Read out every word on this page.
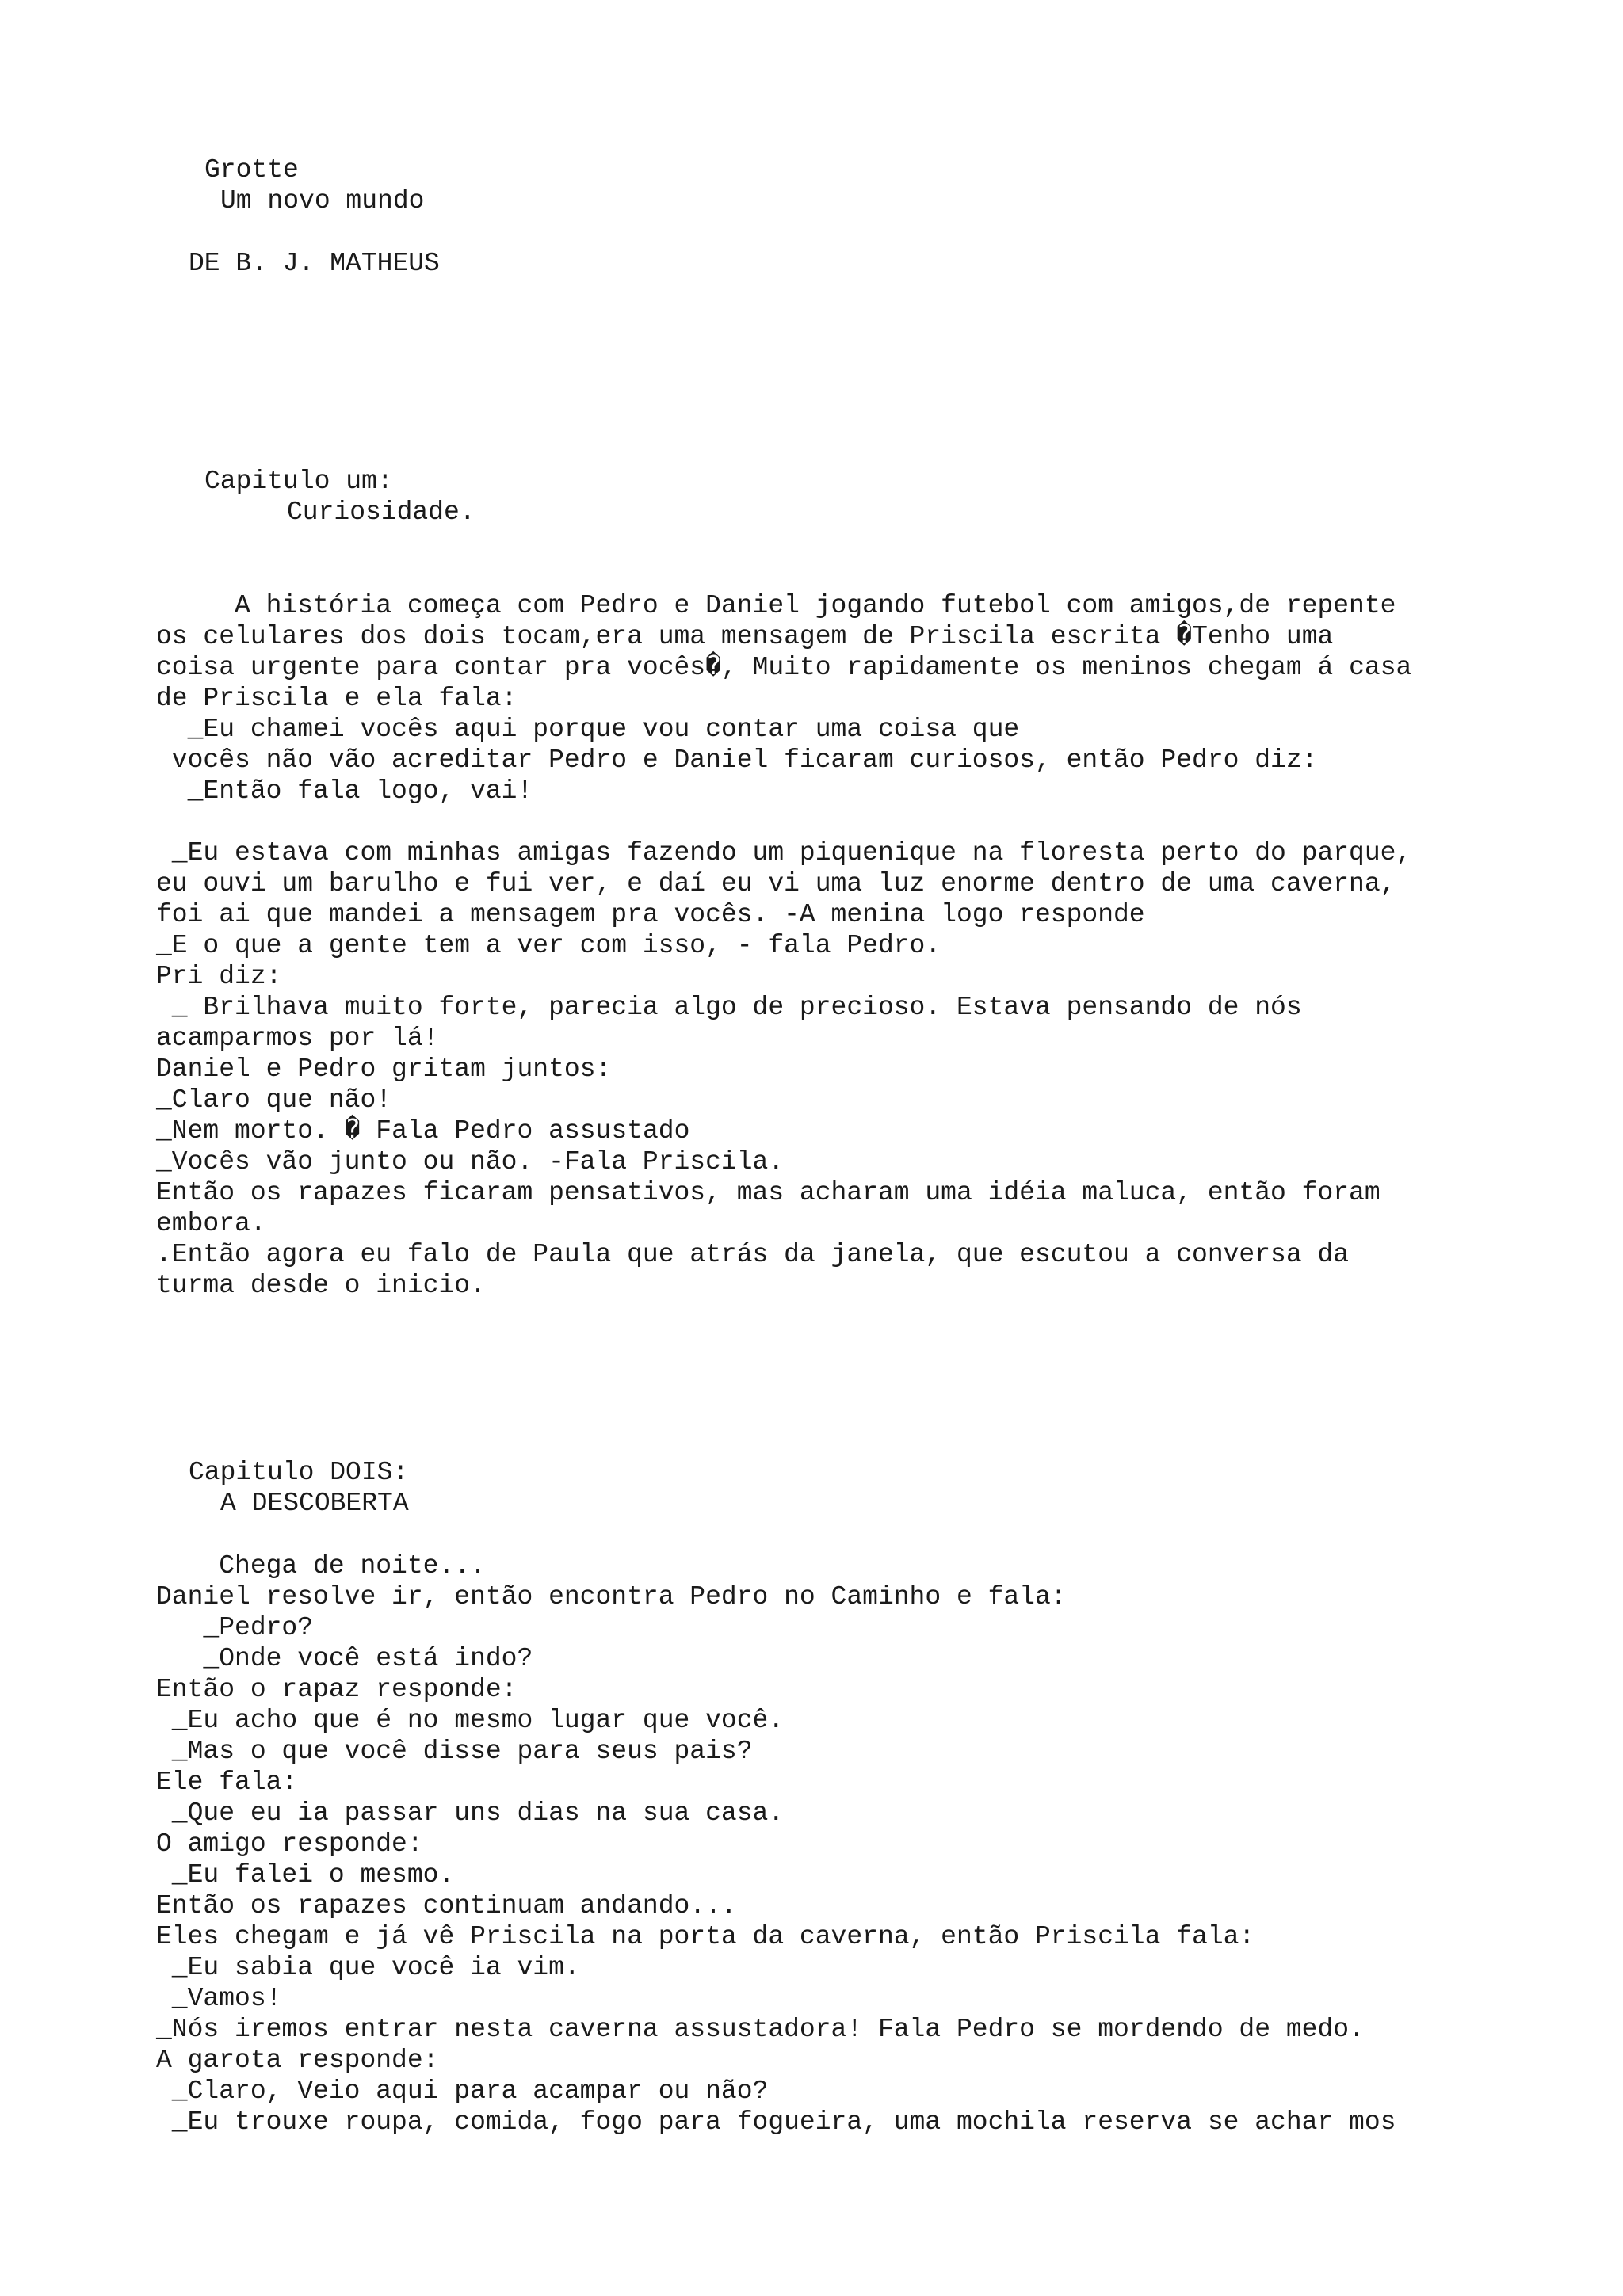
Grotte
Um novo mundo
DE B. J. MATHEUS
Capitulo um:
Curiosidade.
A história começa com Pedro e Daniel jogando futebol com amigos,de repente
os celulares dos dois tocam,era uma mensagem de Priscila escrita �Tenho uma
coisa urgente para contar pra vocês�, Muito rapidamente os meninos chegam á casa
de Priscila e ela fala:
_Eu chamei vocês aqui porque vou contar uma coisa que
vocês não vão acreditar Pedro e Daniel ficaram curiosos, então Pedro diz:
_Então fala logo, vai!
_Eu estava com minhas amigas fazendo um piquenique na floresta perto do parque,
eu ouvi um barulho e fui ver, e daí eu vi uma luz enorme dentro de uma caverna,
foi ai que mandei a mensagem pra vocês. -A menina logo responde
_E o que a gente tem a ver com isso, - fala Pedro.
Pri diz:
_ Brilhava muito forte, parecia algo de precioso. Estava pensando de nós
acamparmos por lá!
Daniel e Pedro gritam juntos:
_Claro que não!
_Nem morto. � Fala Pedro assustado
_Vocês vão junto ou não. -Fala Priscila.
Então os rapazes ficaram pensativos, mas acharam uma idéia maluca, então foram
embora.
.Então agora eu falo de Paula que atrás da janela, que escutou a conversa da
turma desde o inicio.
Capitulo DOIS:
A DESCOBERTA
Chega de noite...
Daniel resolve ir, então encontra Pedro no Caminho e fala:
_Pedro?
_Onde você está indo?
Então o rapaz responde:
_Eu acho que é no mesmo lugar que você.
_Mas o que você disse para seus pais?
Ele fala:
_Que eu ia passar uns dias na sua casa.
O amigo responde:
_Eu falei o mesmo.
Então os rapazes continuam andando...
Eles chegam e já vê Priscila na porta da caverna, então Priscila fala:
_Eu sabia que você ia vim.
_Vamos!
_Nós iremos entrar nesta caverna assustadora! Fala Pedro se mordendo de medo.
A garota responde:
_Claro, Veio aqui para acampar ou não?
_Eu trouxe roupa, comida, fogo para fogueira, uma mochila reserva se achar mos
